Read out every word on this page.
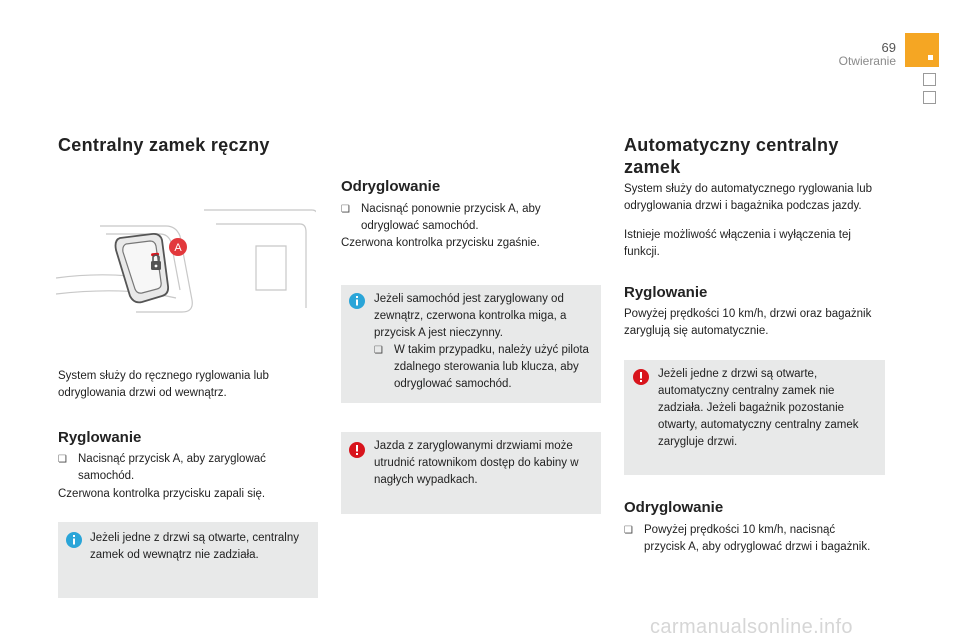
69
Otwieranie
Centralny zamek ręczny
A

System służy do ręcznego ryglowania lub odryglowania drzwi od wewnątrz.

Ryglowanie
❏ Nacisnąć przycisk A, aby zaryglować samochód.

Czerwona kontrolka przycisku zapali się.

Jeżeli jedne z drzwi są otwarte, centralny zamek od wewnątrz nie zadziała.
Odryglowanie
❏ Nacisnąć ponownie przycisk A, aby odryglować samochód.

Czerwona kontrolka przycisku zgaśnie.

Jeżeli samochód jest zaryglowany od zewnątrz, czerwona kontrolka miga, a przycisk A jest nieczynny.
❏ W takim przypadku, należy użyć pilota zdalnego sterowania lub klucza, aby odryglować samochód.

Jazda z zaryglowanymi drzwiami może utrudnić ratownikom dostęp do kabiny w nagłych wypadkach.
Automatyczny centralny zamek

System służy do automatycznego ryglowania lub odryglowania drzwi i bagażnika podczas jazdy.

Istnieje możliwość włączenia i wyłączenia tej funkcji.

Ryglowanie

Powyżej prędkości 10 km/h, drzwi oraz bagażnik zaryglują się automatycznie.

Jeżeli jedne z drzwi są otwarte, automatyczny centralny zamek nie zadziała. Jeżeli bagażnik pozostanie otwarty, automatyczny centralny zamek zarygluje drzwi.
Odryglowanie
❏ Powyżej prędkości 10 km/h, nacisnąć przycisk A, aby odryglować drzwi i bagażnik.

carmanualsonline.info
